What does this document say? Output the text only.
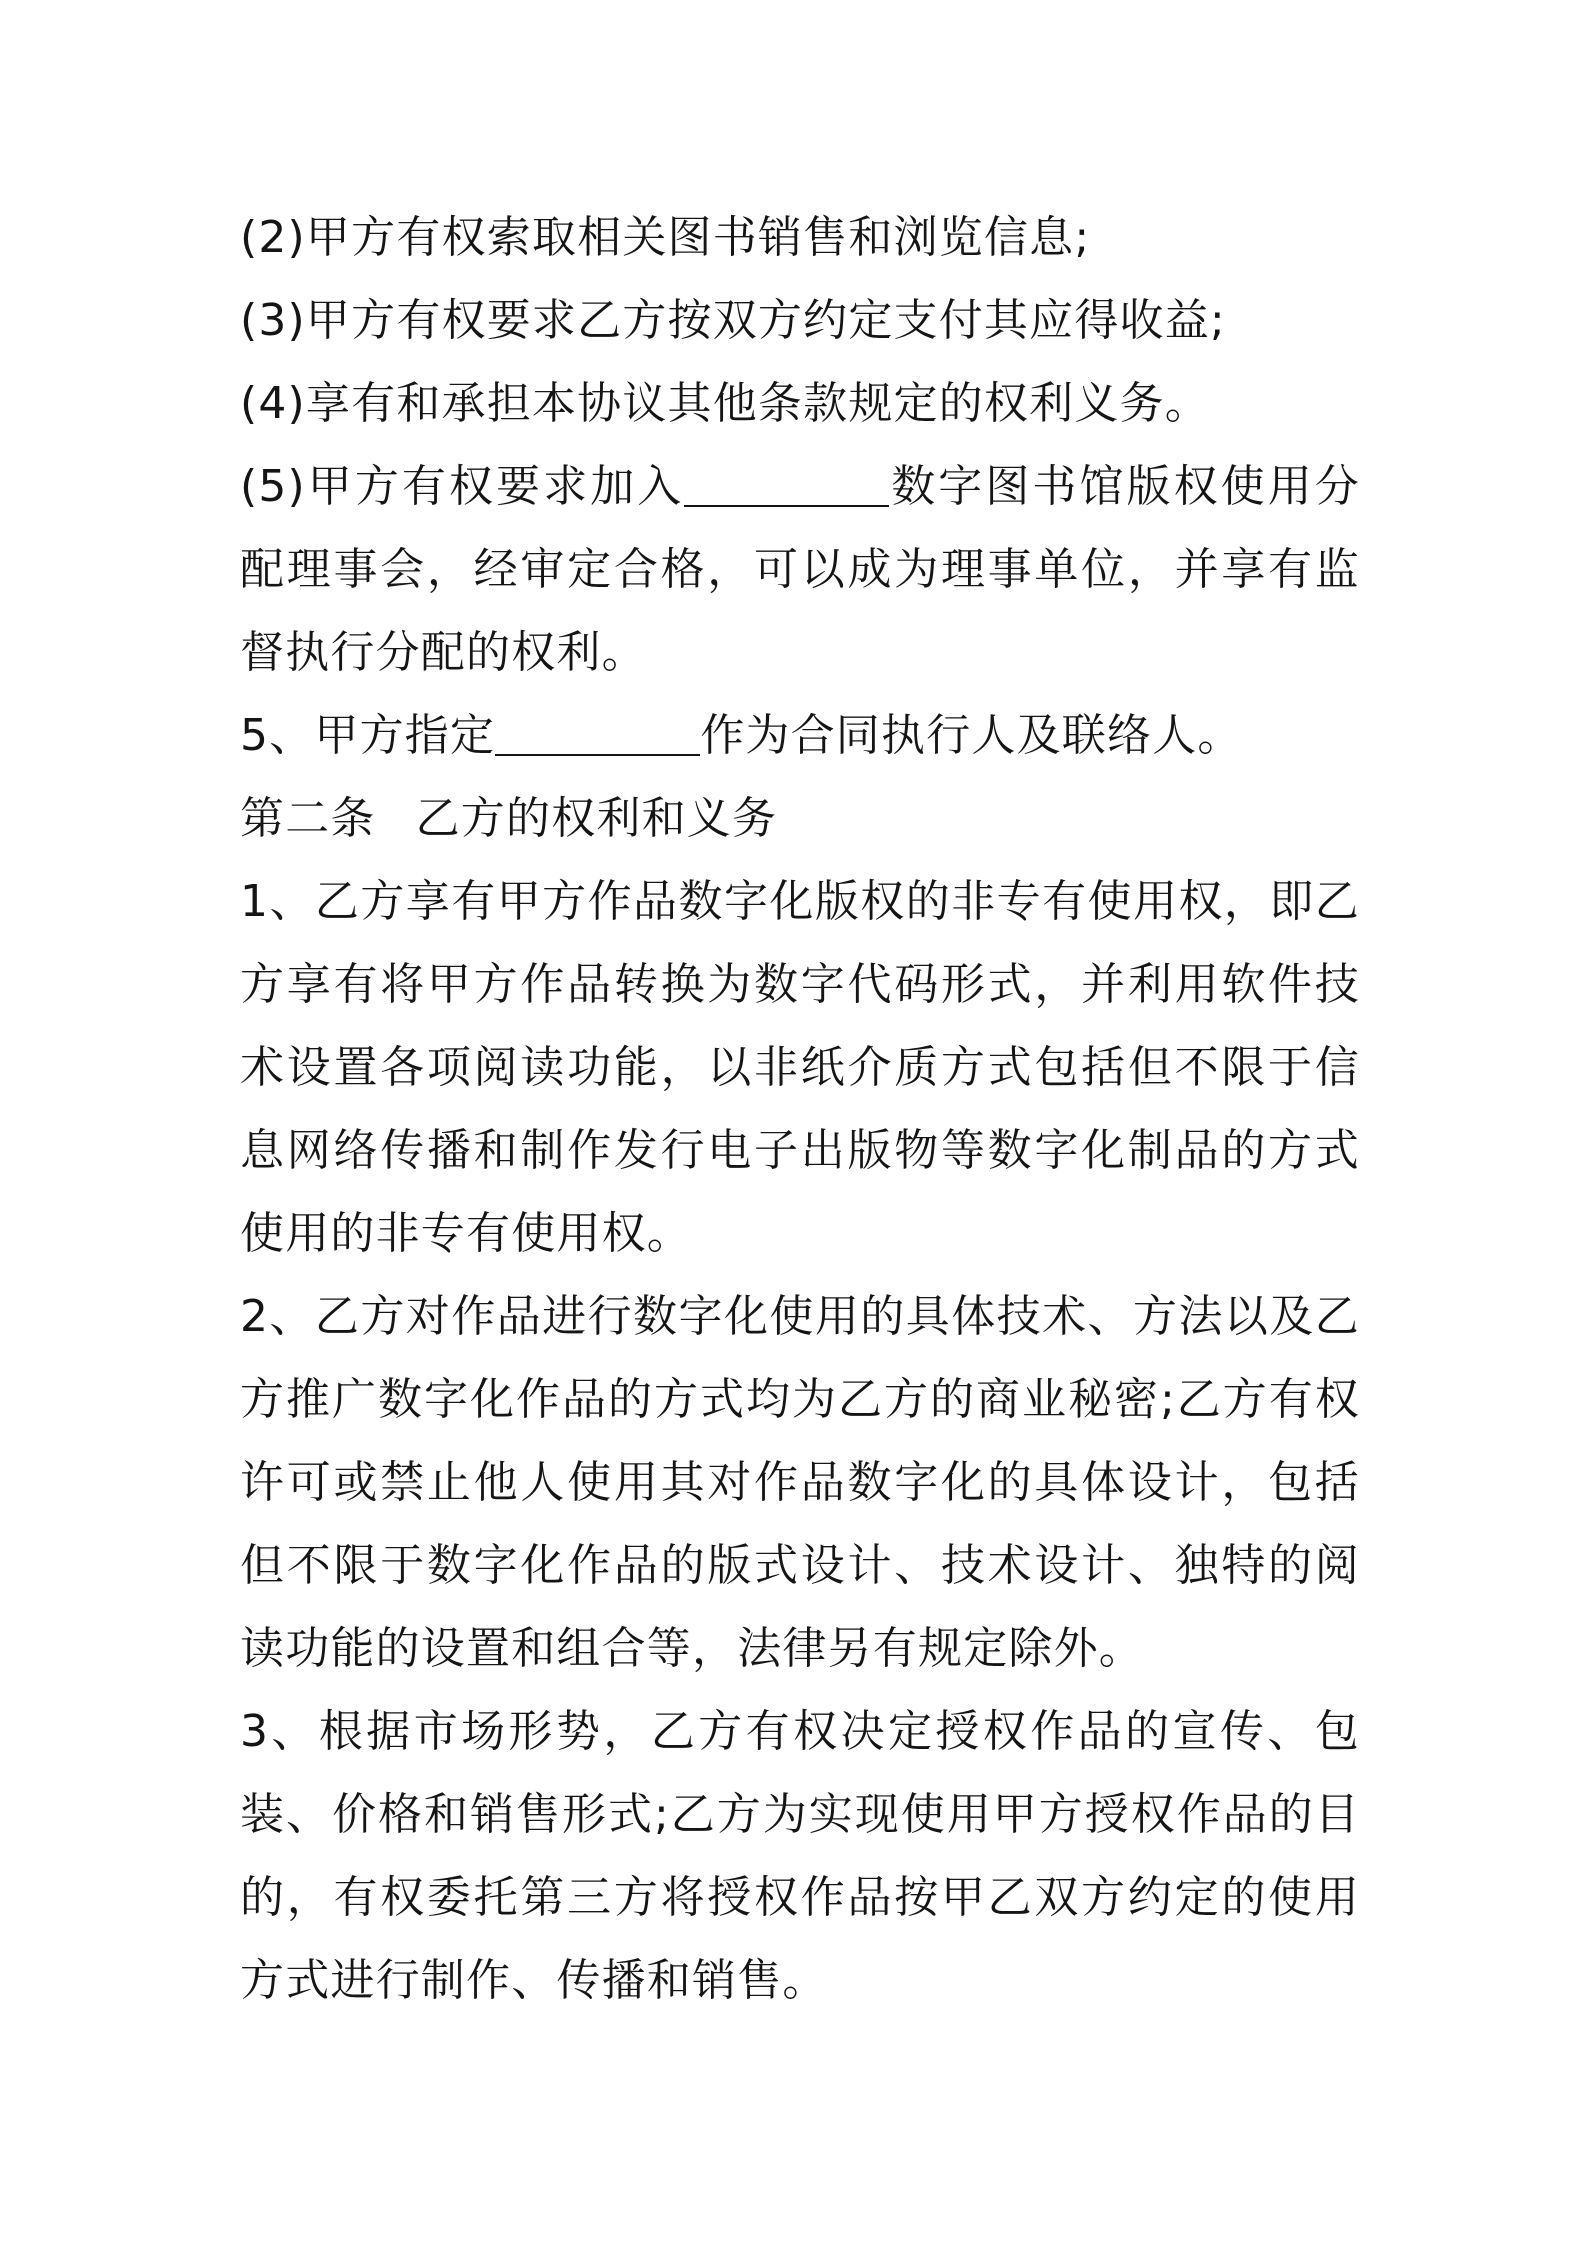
(2)甲方有权索取相关图书销售和浏览信息;

(3)甲方有权要求乙方按双方约定支付其应得收益;

(4)享有和承担本协议其他条款规定的权利义务。

(5)甲方有权要求加入	数字图书馆版权使用分配理事会，经审定合格，可以成为理事单位，并享有监督执行分配的权利。

5、甲方指定	作为合同执行人及联络人。

第二条 乙方的权利和义务

1、乙方享有甲方作品数字化版权的非专有使用权，即乙方享有将甲方作品转换为数字代码形式，并利用软件技术设置各项阅读功能，以非纸介质方式包括但不限于信息网络传播和制作发行电子出版物等数字化制品的方式使用的非专有使用权。

2、乙方对作品进行数字化使用的具体技术、方法以及乙方推广数字化作品的方式均为乙方的商业秘密;乙方有权许可或禁止他人使用其对作品数字化的具体设计，包括但不限于数字化作品的版式设计、技术设计、独特的阅读功能的设置和组合等，法律另有规定除外。

3、根据市场形势，乙方有权决定授权作品的宣传、包装、价格和销售形式;乙方为实现使用甲方授权作品的目的，有权委托第三方将授权作品按甲乙双方约定的使用方式进行制作、传播和销售。
